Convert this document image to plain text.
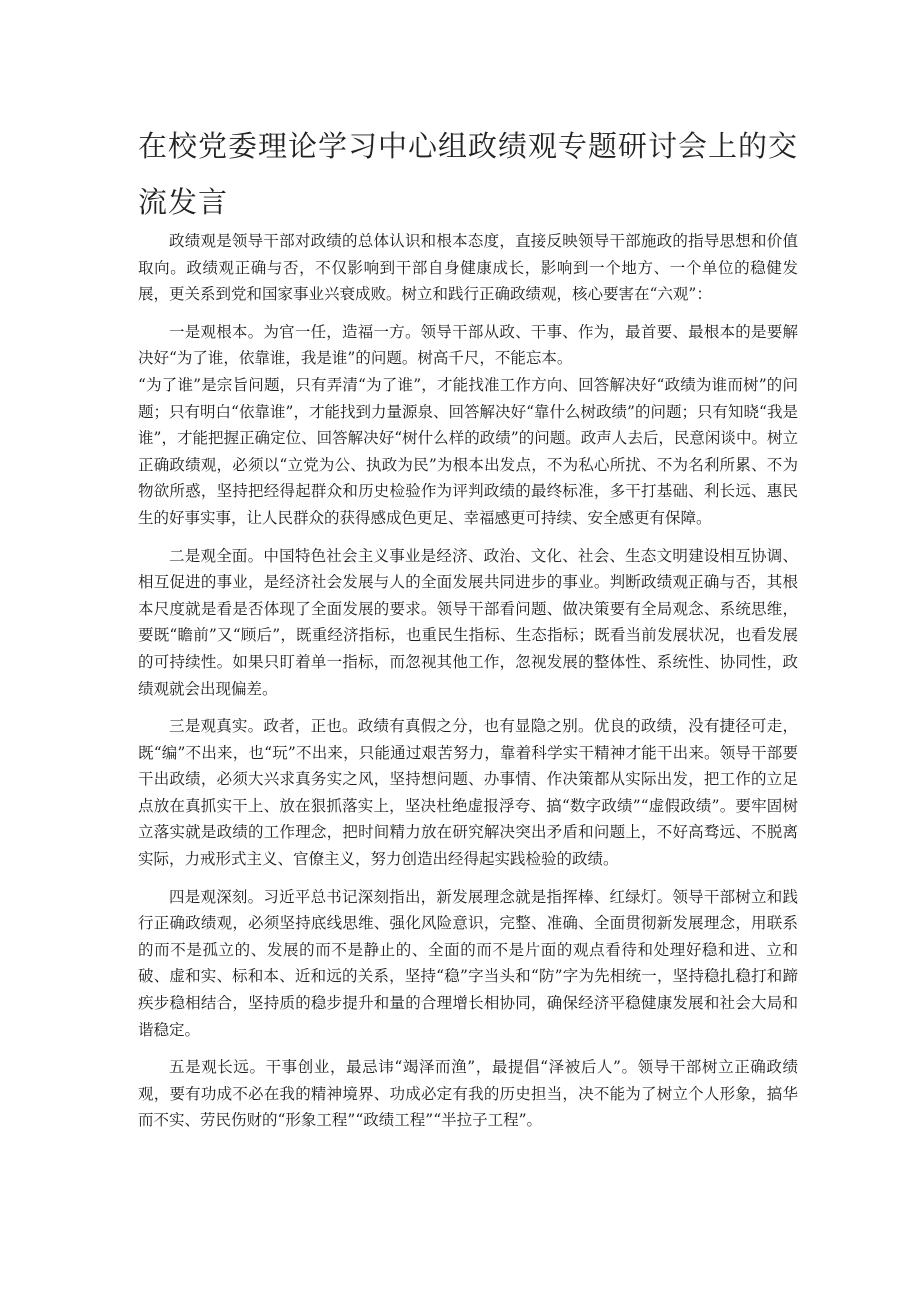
在校党委理论学习中心组政绩观专题研讨会上的交流发言

政绩观是领导干部对政绩的总体认识和根本态度，直接反映领导干部施政的指导思想和价值取向。政绩观正确与否，不仅影响到干部自身健康成长，影响到一个地方、一个单位的稳健发展，更关系到党和国家事业兴衰成败。树立和践行正确政绩观，核心要害在“六观”：

一是观根本。为官一任，造福一方。领导干部从政、干事、作为，最首要、最根本的是要解决好“为了谁，依靠谁，我是谁”的问题。树高千尺，不能忘本。

“为了谁”是宗旨问题，只有弄清“为了谁”，才能找准工作方向、回答解决好“政绩为谁而树”的问题；只有明白“依靠谁”，才能找到力量源泉、回答解决好“靠什么树政绩”的问题；只有知晓“我是谁”，才能把握正确定位、回答解决好“树什么样的政绩”的问题。政声人去后，民意闲谈中。树立正确政绩观，必须以“立党为公、执政为民”为根本出发点，不为私心所扰、不为名利所累、不为物欲所惑，坚持把经得起群众和历史检验作为评判政绩的最终标准，多干打基础、利长远、惠民生的好事实事，让人民群众的获得感成色更足、幸福感更可持续、安全感更有保障。

二是观全面。中国特色社会主义事业是经济、政治、文化、社会、生态文明建设相互协调、相互促进的事业，是经济社会发展与人的全面发展共同进步的事业。判断政绩观正确与否，其根本尺度就是看是否体现了全面发展的要求。领导干部看问题、做决策要有全局观念、系统思维，要既“瞻前”又“顾后”，既重经济指标，也重民生指标、生态指标；既看当前发展状况，也看发展的可持续性。如果只盯着单一指标，而忽视其他工作，忽视发展的整体性、系统性、协同性，政绩观就会出现偏差。

三是观真实。政者，正也。政绩有真假之分，也有显隐之别。优良的政绩，没有捷径可走，既“编”不出来，也“玩”不出来，只能通过艰苦努力，靠着科学实干精神才能干出来。领导干部要干出政绩，必须大兴求真务实之风，坚持想问题、办事情、作决策都从实际出发，把工作的立足点放在真抓实干上、放在狠抓落实上，坚决杜绝虚报浮夸、搞“数字政绩”“虚假政绩”。要牢固树立落实就是政绩的工作理念，把时间精力放在研究解决突出矛盾和问题上，不好高骛远、不脱离实际，力戒形式主义、官僚主义，努力创造出经得起实践检验的政绩。

四是观深刻。习近平总书记深刻指出，新发展理念就是指挥棒、红绿灯。领导干部树立和践行正确政绩观，必须坚持底线思维、强化风险意识，完整、准确、全面贯彻新发展理念，用联系的而不是孤立的、发展的而不是静止的、全面的而不是片面的观点看待和处理好稳和进、立和破、虚和实、标和本、近和远的关系，坚持“稳”字当头和“防”字为先相统一，坚持稳扎稳打和蹄疾步稳相结合，坚持质的稳步提升和量的合理增长相协同，确保经济平稳健康发展和社会大局和谐稳定。

五是观长远。干事创业，最忌讳“竭泽而渔”，最提倡“泽被后人”。领导干部树立正确政绩观，要有功成不必在我的精神境界、功成必定有我的历史担当，决不能为了树立个人形象，搞华而不实、劳民伤财的“形象工程”“政绩工程”“半拉子工程”。
